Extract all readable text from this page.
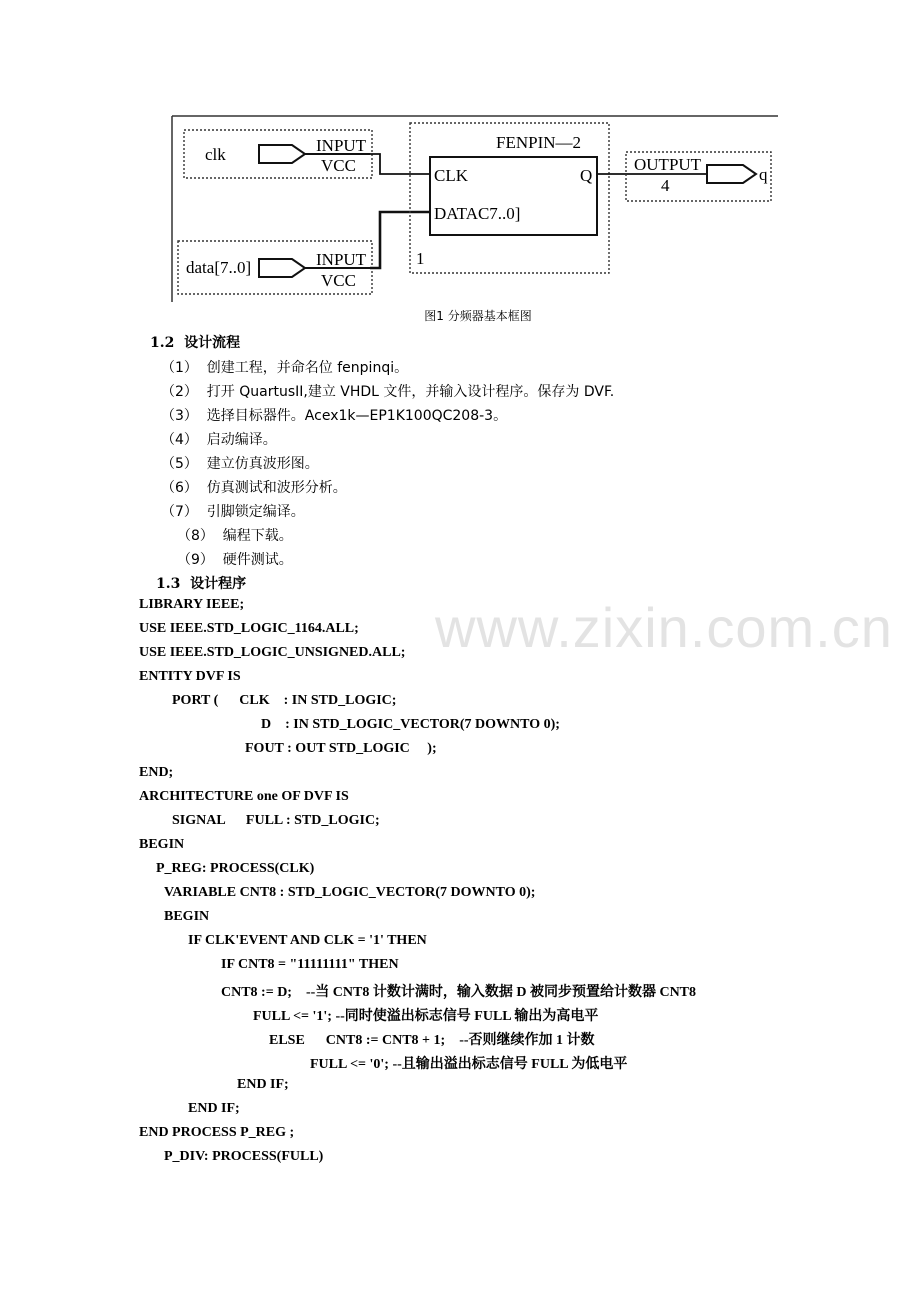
clk	INPUT
VCC
data[7..0]	INPUT
VCC
FENPIN—2
CLK
DATAC7..0]
Q
1
OUTPUT
4
q
图1 分频器基本框图
www.zixin.com.cn
1.2  设计流程
（1）  创建工程，并命名位 fenpinqi。
（2）  打开 QuartusII,建立 VHDL 文件，并输入设计程序。保存为 DVF.
（3）  选择目标器件。Acex1k—EP1K100QC208-3。
（4）  启动编译。
（5）  建立仿真波形图。
（6）  仿真测试和波形分析。
（7）  引脚锁定编译。
（8）  编程下载。
（9）  硬件测试。
1.3  设计程序
LIBRARY IEEE;
USE IEEE.STD_LOGIC_1164.ALL;
USE IEEE.STD_LOGIC_UNSIGNED.ALL;
ENTITY DVF IS
PORT (      CLK    : IN STD_LOGIC;
D    : IN STD_LOGIC_VECTOR(7 DOWNTO 0);
FOUT : OUT STD_LOGIC     );
END;
ARCHITECTURE one OF DVF IS
SIGNAL      FULL : STD_LOGIC;
BEGIN
P_REG: PROCESS(CLK)
VARIABLE CNT8 : STD_LOGIC_VECTOR(7 DOWNTO 0);
BEGIN
IF CLK'EVENT AND CLK = '1' THEN
IF CNT8 = "11111111" THEN
CNT8 := D;    --当 CNT8 计数计满时，输入数据 D 被同步预置给计数器 CNT8
FULL <= '1'; --同时使溢出标志信号 FULL 输出为高电平
ELSE      CNT8 := CNT8 + 1;    --否则继续作加 1 计数
FULL <= '0'; --且输出溢出标志信号 FULL 为低电平
END IF;
END IF;
END PROCESS P_REG ;
P_DIV: PROCESS(FULL)
